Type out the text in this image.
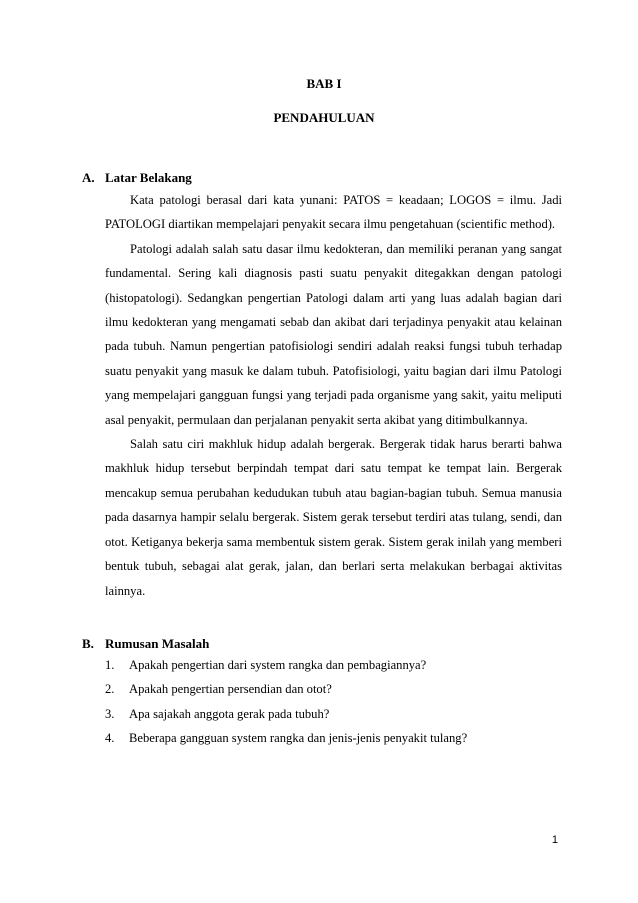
BAB I
PENDAHULUAN
A. Latar Belakang

Kata patologi berasal dari kata yunani: PATOS = keadaan; LOGOS = ilmu. Jadi PATOLOGI diartikan mempelajari penyakit secara ilmu pengetahuan (scientific method).

Patologi adalah salah satu dasar ilmu kedokteran, dan memiliki peranan yang sangat fundamental. Sering kali diagnosis pasti suatu penyakit ditegakkan dengan patologi (histopatologi). Sedangkan pengertian Patologi dalam arti yang luas adalah bagian dari ilmu kedokteran yang mengamati sebab dan akibat dari terjadinya penyakit atau kelainan pada tubuh. Namun pengertian patofisiologi sendiri adalah reaksi fungsi tubuh terhadap suatu penyakit yang masuk ke dalam tubuh. Patofisiologi, yaitu bagian dari ilmu Patologi yang mempelajari gangguan fungsi yang terjadi pada organisme yang sakit, yaitu meliputi asal penyakit, permulaan dan perjalanan penyakit serta akibat yang ditimbulkannya.

Salah satu ciri makhluk hidup adalah bergerak. Bergerak tidak harus berarti bahwa makhluk hidup tersebut berpindah tempat dari satu tempat ke tempat lain. Bergerak mencakup semua perubahan kedudukan tubuh atau bagian-bagian tubuh. Semua manusia pada dasarnya hampir selalu bergerak. Sistem gerak tersebut terdiri atas tulang, sendi, dan otot. Ketiganya bekerja sama membentuk sistem gerak. Sistem gerak inilah yang memberi bentuk tubuh, sebagai alat gerak, jalan, dan berlari serta melakukan berbagai aktivitas lainnya.

B. Rumusan Masalah
1. Apakah pengertian dari system rangka dan pembagiannya?
2. Apakah pengertian persendian dan otot?
3. Apa sajakah anggota gerak pada tubuh?
4. Beberapa gangguan system rangka dan jenis-jenis penyakit tulang?
1
